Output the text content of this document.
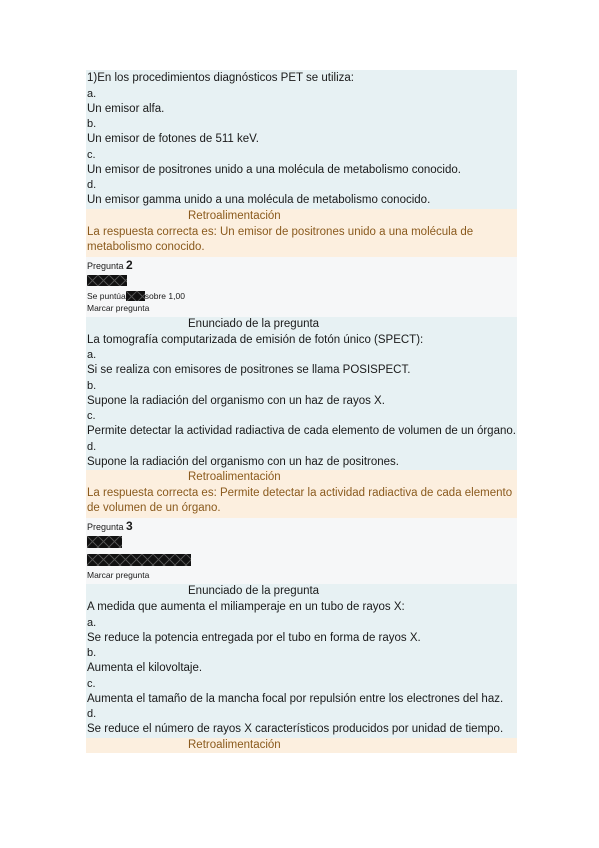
1)En los procedimientos diagnósticos PET se utiliza:
a.
Un emisor alfa.
b.
Un emisor de fotones de 511 keV.
c.
Un emisor de positrones unido a una molécula de metabolismo conocido.
d.
Un emisor gamma unido a una molécula de metabolismo conocido.
Retroalimentación
La respuesta correcta es: Un emisor de positrones unido a una molécula de metabolismo conocido.
Pregunta 2
Se puntúa sobre 1,00
Marcar pregunta
Enunciado de la pregunta
La tomografía computarizada de emisión de fotón único (SPECT):
a.
Si se realiza con emisores de positrones se llama POSISPECT.
b.
Supone la radiación del organismo con un haz de rayos X.
c.
Permite detectar la actividad radiactiva de cada elemento de volumen de un órgano.
d.
Supone la radiación del organismo con un haz de positrones.
Retroalimentación
La respuesta correcta es: Permite detectar la actividad radiactiva de cada elemento de volumen de un órgano.
Pregunta 3
Marcar pregunta
Enunciado de la pregunta
A medida que aumenta el miliamperaje en un tubo de rayos X:
a.
Se reduce la potencia entregada por el tubo en forma de rayos X.
b.
Aumenta el kilovoltaje.
c.
Aumenta el tamaño de la mancha focal por repulsión entre los electrones del haz.
d.
Se reduce el número de rayos X característicos producidos por unidad de tiempo.
Retroalimentación
